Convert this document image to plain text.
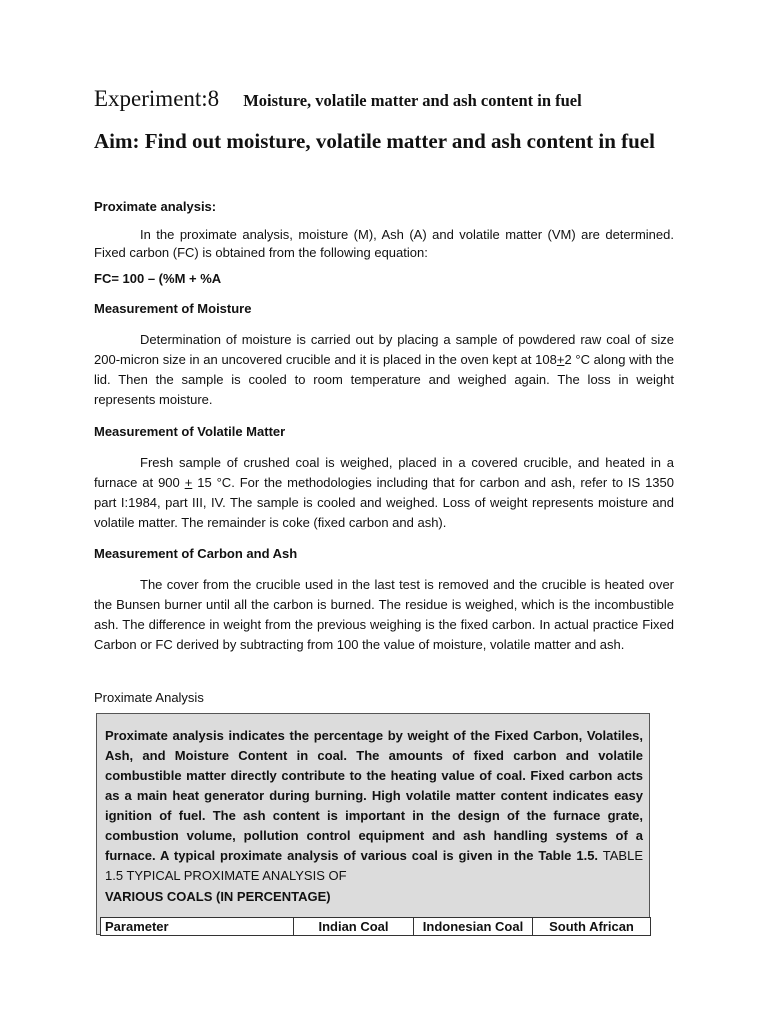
Experiment:8 Moisture, volatile matter and ash content in fuel
Aim: Find out moisture, volatile matter and ash content in fuel
Proximate analysis:
In the proximate analysis, moisture (M), Ash (A) and volatile matter (VM) are determined. Fixed carbon (FC) is obtained from the following equation:
FC= 100 – (%M + %A
Measurement of Moisture
Determination of moisture is carried out by placing a sample of powdered raw coal of size 200-micron size in an uncovered crucible and it is placed in the oven kept at 108+2 °C along with the lid. Then the sample is cooled to room temperature and weighed again. The loss in weight represents moisture.
Measurement of Volatile Matter
Fresh sample of crushed coal is weighed, placed in a covered crucible, and heated in a furnace at 900 + 15 °C. For the methodologies including that for carbon and ash, refer to IS 1350 part I:1984, part III, IV. The sample is cooled and weighed. Loss of weight represents moisture and volatile matter. The remainder is coke (fixed carbon and ash).
Measurement of Carbon and Ash
The cover from the crucible used in the last test is removed and the crucible is heated over the Bunsen burner until all the carbon is burned. The residue is weighed, which is the incombustible ash. The difference in weight from the previous weighing is the fixed carbon. In actual practice Fixed Carbon or FC derived by subtracting from 100 the value of moisture, volatile matter and ash.
Proximate Analysis
Proximate analysis indicates the percentage by weight of the Fixed Carbon, Volatiles, Ash, and Moisture Content in coal. The amounts of fixed carbon and volatile combustible matter directly contribute to the heating value of coal. Fixed carbon acts as a main heat generator during burning. High volatile matter content indicates easy ignition of fuel. The ash content is important in the design of the furnace grate, combustion volume, pollution control equipment and ash handling systems of a furnace. A typical proximate analysis of various coal is given in the Table 1.5. TABLE 1.5 TYPICAL PROXIMATE ANALYSIS OF
VARIOUS COALS (IN PERCENTAGE)
Parameter	Indian Coal	Indonesian Coal	South African
